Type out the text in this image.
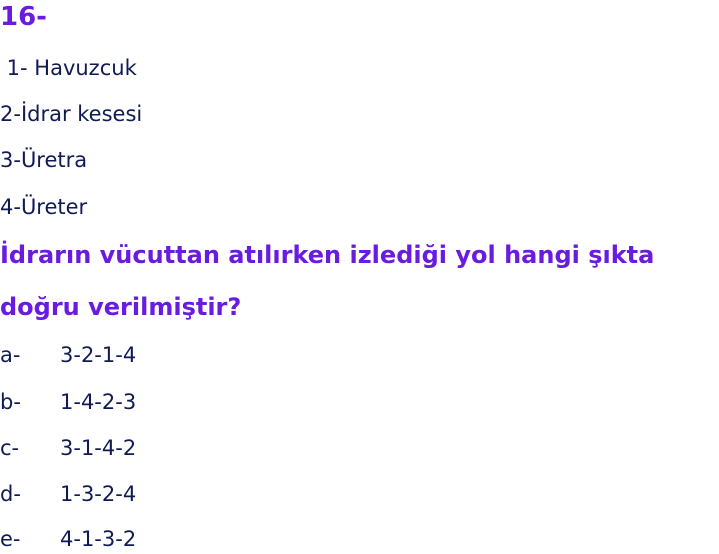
16-
1- Havuzcuk
2-İdrar kesesi
3-Üretra
4-Üreter
İdrarın vücuttan atılırken izlediği yol hangi şıkta
doğru verilmiştir?
a- 3-2-1-4
b- 1-4-2-3
c- 3-1-4-2
d- 1-3-2-4
e- 4-1-3-2
